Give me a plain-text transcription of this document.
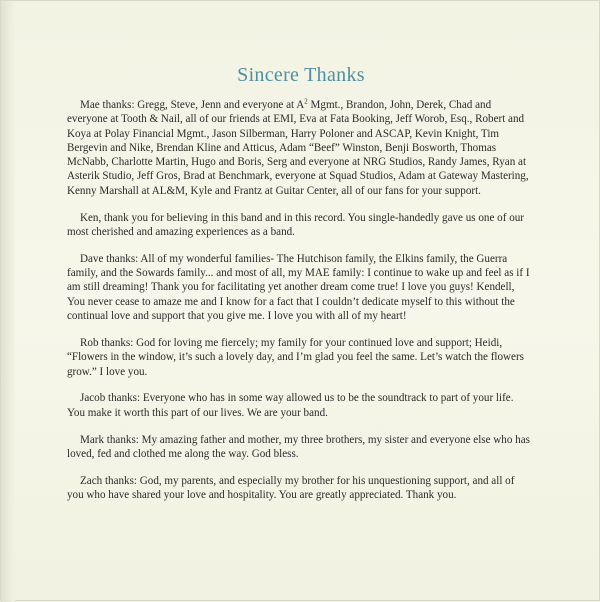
Sincere Thanks

Mae thanks: Gregg, Steve, Jenn and everyone at $A^2$ Mgmt., Brandon, John, Derek, Chad and everyone at Tooth & Nail, all of our friends at EMI, Eva at Fata Booking, Jeff Worob, Esq., Robert and Koya at Polay Financial Mgmt., Jason Silberman, Harry Poloner and ASCAP, Kevin Knight, Tim Bergevin and Nike, Brendan Kline and Atticus, Adam “Beef” Winston, Benji Bosworth, Thomas McNabb, Charlotte Martin, Hugo and Boris, Serg and everyone at NRG Studios, Randy James, Ryan at Asterik Studio, Jeff Gros, Brad at Benchmark, everyone at Squad Studios, Adam at Gateway Mastering, Kenny Marshall at AL&M, Kyle and Frantz at Guitar Center, all of our fans for your support.

Ken, thank you for believing in this band and in this record. You single-handedly gave us one of our most cherished and amazing experiences as a band.

Dave thanks: All of my wonderful families- The Hutchison family, the Elkins family, the Guerra family, and the Sowards family... and most of all, my MAE family: I continue to wake up and feel as if I am still dreaming! Thank you for facilitating yet another dream come true! I love you guys! Kendell, You never cease to amaze me and I know for a fact that I couldn’t dedicate myself to this without the continual love and support that you give me. I love you with all of my heart!

Rob thanks: God for loving me fiercely; my family for your continued love and support; Heidi, “Flowers in the window, it’s such a lovely day, and I’m glad you feel the same. Let’s watch the flowers grow.” I love you.

Jacob thanks: Everyone who has in some way allowed us to be the soundtrack to part of your life. You make it worth this part of our lives. We are your band.

Mark thanks: My amazing father and mother, my three brothers, my sister and everyone else who has loved, fed and clothed me along the way. God bless.

Zach thanks: God, my parents, and especially my brother for his unquestioning support, and all of you who have shared your love and hospitality. You are greatly appreciated. Thank you.
